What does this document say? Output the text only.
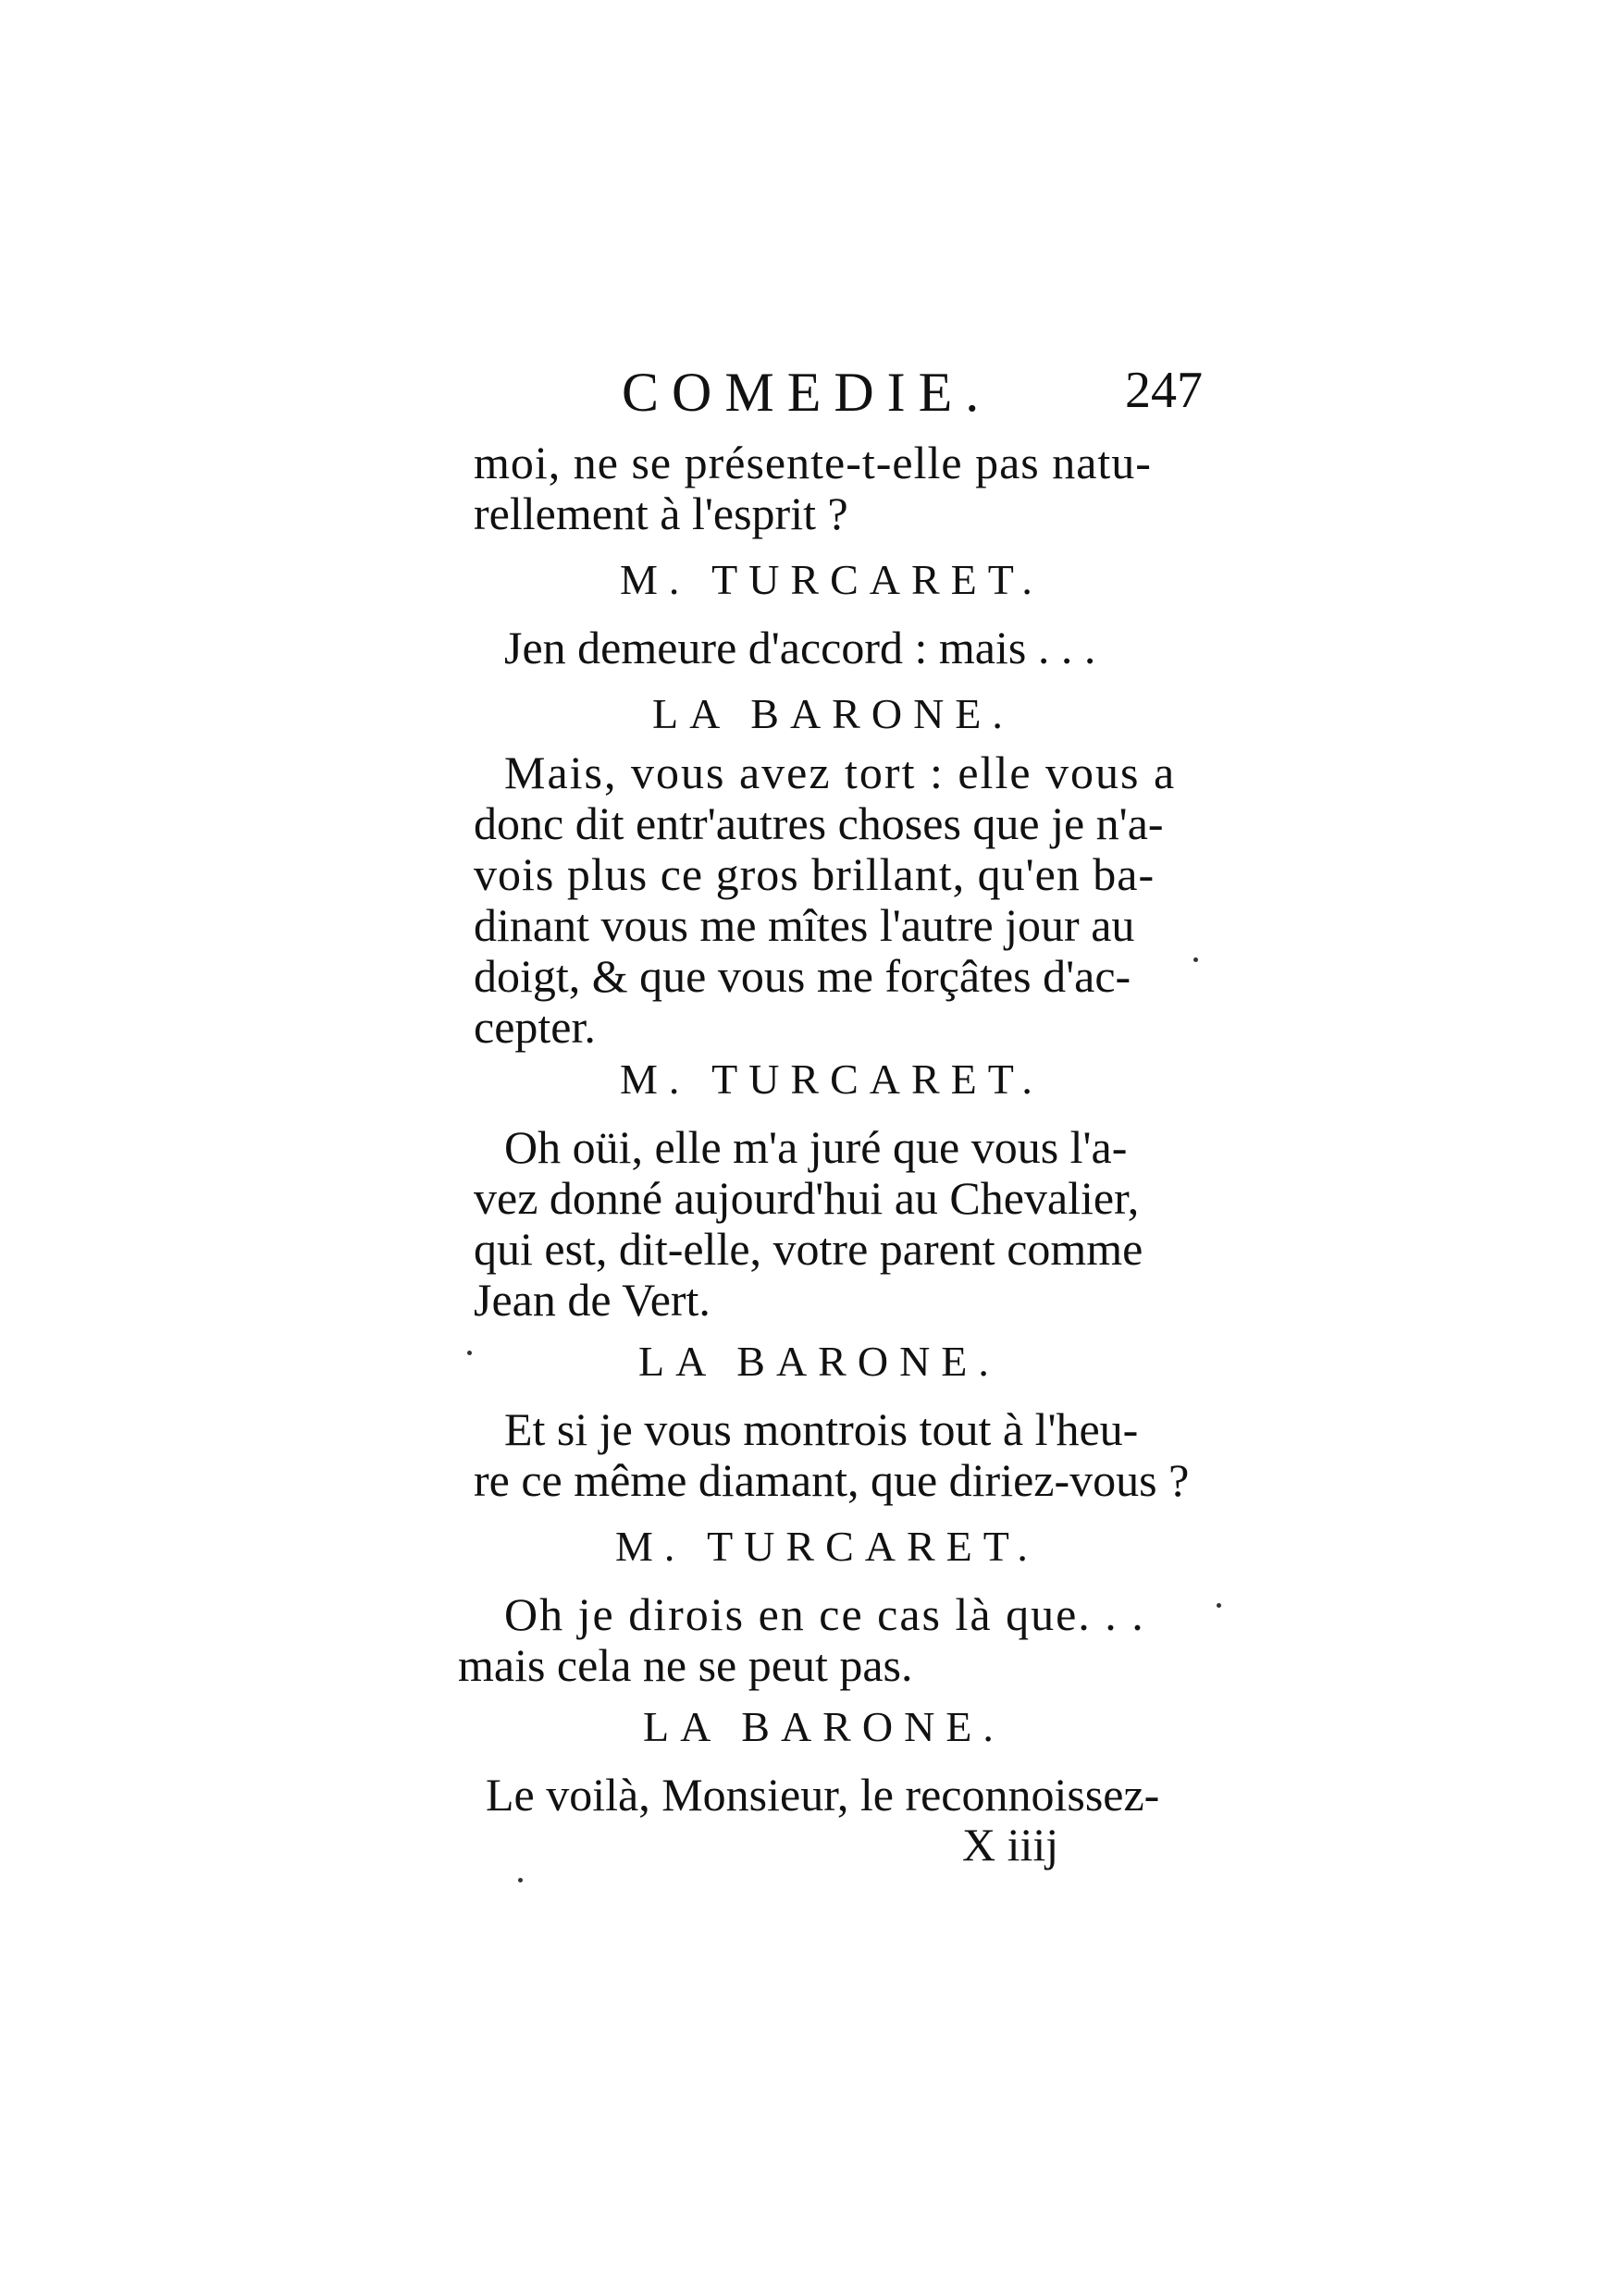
COMEDIE.	247
moi, ne se présente-t-elle pas natu-
rellement à l'esprit ?
M. TURCARET.
Jen demeure d'accord : mais . . .
LA BARONE.
Mais, vous avez tort : elle vous a
donc dit entr'autres choses que je n'a-
vois plus ce gros brillant, qu'en ba-
dinant vous me mîtes l'autre jour au
doigt, & que vous me forçâtes d'ac-
cepter.
M. TURCARET.
Oh oüi, elle m'a juré que vous l'a-
vez donné aujourd'hui au Chevalier,
qui est, dit-elle, votre parent comme
Jean de Vert.
LA BARONE.
Et si je vous montrois tout à l'heu-
re ce même diamant, que diriez-vous ?
M. TURCARET.
Oh je dirois en ce cas là que. . .
mais cela ne se peut pas.
LA BARONE.
Le voilà, Monsieur, le reconnoissez-
X iiij
